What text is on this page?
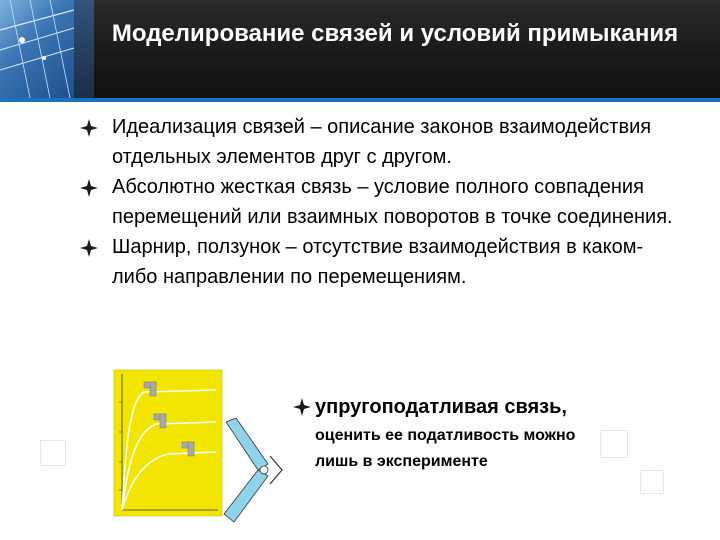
Моделирование связей и условий примыкания
Идеализация связей – описание законов взаимодействия отдельных элементов друг с другом.
Абсолютно жесткая связь – условие полного совпадения перемещений или взаимных поворотов в точке соединения.
Шарнир, ползунок – отсутствие взаимодействия в каком-либо направлении по перемещениям.
упругоподатливая связь,
оценить ее податливость можно
лишь в эксперименте
